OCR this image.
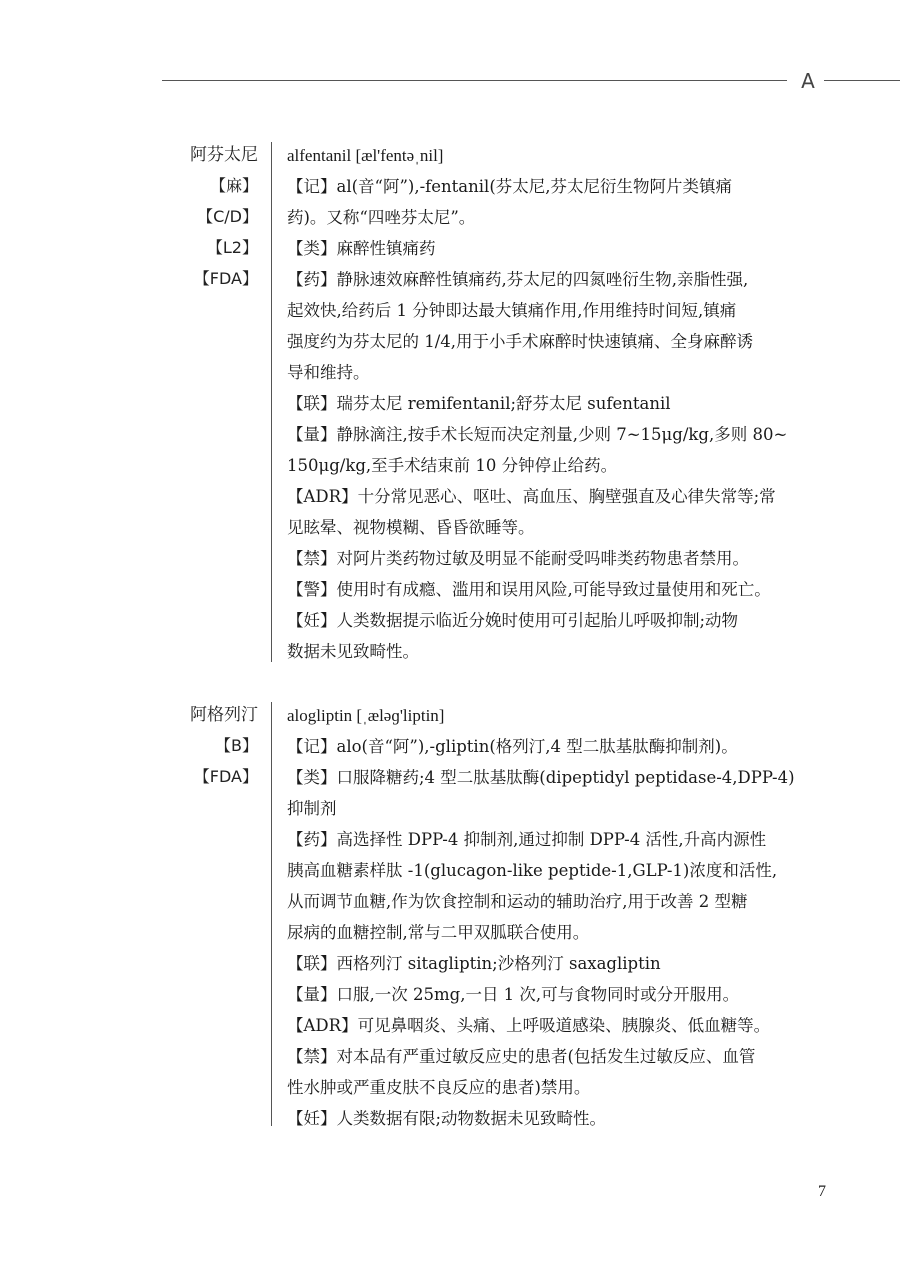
A
阿芬太尼
【麻】
【C/D】
【L2】
【FDA】
alfentanil [æl'fentəˌnil]
【记】al(音“阿”),-fentanil(芬太尼,芬太尼衍生物阿片类镇痛
药)。又称“四唑芬太尼”。
【类】麻醉性镇痛药
【药】静脉速效麻醉性镇痛药,芬太尼的四氮唑衍生物,亲脂性强,
起效快,给药后 1 分钟即达最大镇痛作用,作用维持时间短,镇痛
强度约为芬太尼的 1/4,用于小手术麻醉时快速镇痛、全身麻醉诱
导和维持。
【联】瑞芬太尼 remifentanil;舒芬太尼 sufentanil
【量】静脉滴注,按手术长短而决定剂量,少则 7~15μg/kg,多则 80~
150μg/kg,至手术结束前 10 分钟停止给药。
【ADR】十分常见恶心、呕吐、高血压、胸壁强直及心律失常等;常
见眩晕、视物模糊、昏昏欲睡等。
【禁】对阿片类药物过敏及明显不能耐受吗啡类药物患者禁用。
【警】使用时有成瘾、滥用和误用风险,可能导致过量使用和死亡。
【妊】人类数据提示临近分娩时使用可引起胎儿呼吸抑制;动物
数据未见致畸性。
阿格列汀
【B】
【FDA】
alogliptin [ˌæləɡ'liptin]
【记】alo(音“阿”),-gliptin(格列汀,4 型二肽基肽酶抑制剂)。
【类】口服降糖药;4 型二肽基肽酶(dipeptidyl peptidase-4,DPP-4)
抑制剂
【药】高选择性 DPP-4 抑制剂,通过抑制 DPP-4 活性,升高内源性
胰高血糖素样肽 -1(glucagon-like peptide-1,GLP-1)浓度和活性,
从而调节血糖,作为饮食控制和运动的辅助治疗,用于改善 2 型糖
尿病的血糖控制,常与二甲双胍联合使用。
【联】西格列汀 sitagliptin;沙格列汀 saxagliptin
【量】口服,一次 25mg,一日 1 次,可与食物同时或分开服用。
【ADR】可见鼻咽炎、头痛、上呼吸道感染、胰腺炎、低血糖等。
【禁】对本品有严重过敏反应史的患者(包括发生过敏反应、血管
性水肿或严重皮肤不良反应的患者)禁用。
【妊】人类数据有限;动物数据未见致畸性。
7
